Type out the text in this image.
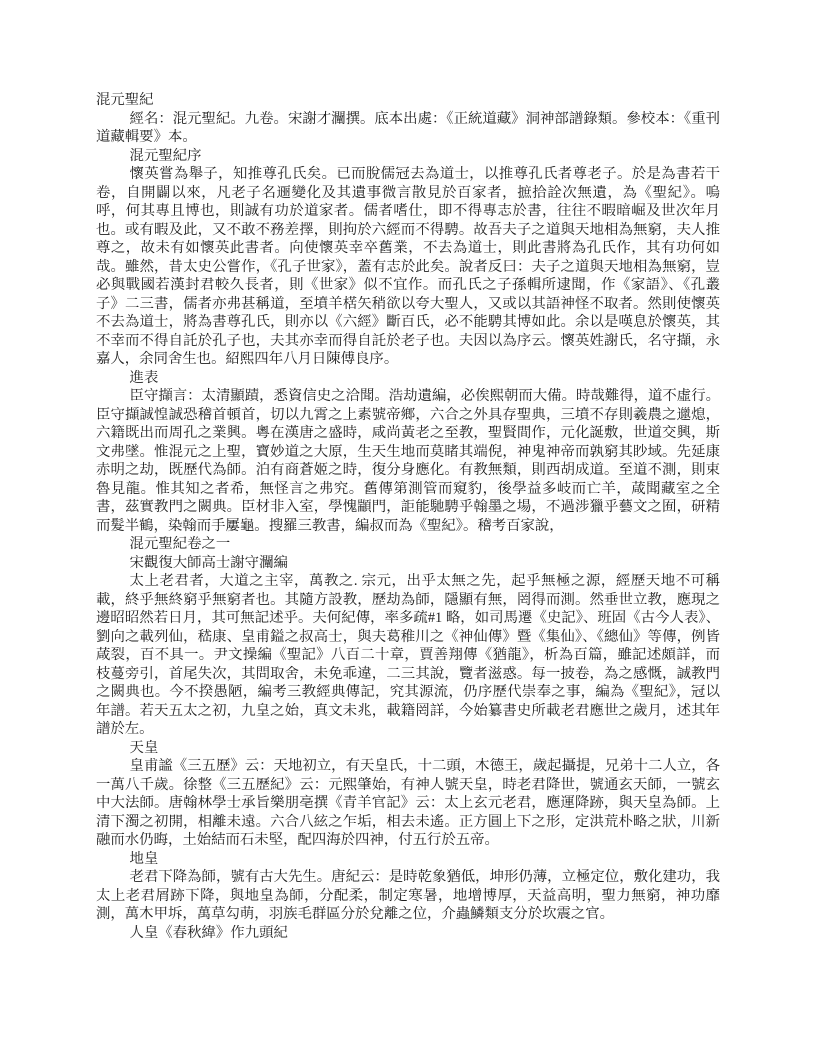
混元聖紀

經名：混元聖紀。九卷。宋謝才灛撰。底本出處：《正統道藏》洞神部譜錄類。參校本：《重刊道藏輯要》本。

混元聖紀序

懷英嘗為舉子，知推尊孔氏矣。已而脫儒冠去為道士，以推尊孔氏者尊老子。於是為書若干卷，自開闢以來，凡老子名逦變化及其遺事微言散見於百家者，摭拾詮次無遺，為《聖紀》。嗚呼，何其專且博也，則誠有功於道家者。儒者嗜仕，即不得專志於書，往往不暇暗崛及世次年月也。或有暇及此，又不敢不務差擇，則拘於六經而不得騁。故吾夫子之道與天地相為無窮，夫人推尊之，故未有如懷英此書者。向使懷英幸卒舊業，不去為道士，則此書將為孔氏作，其有功何如哉。雖然，昔太史公嘗作，《孔子世家》，蓋有志於此矣。說者反曰：夫子之道與天地相為無窮，豈必與戰國若漢封君較久長者，則《世家》似不宜作。而孔氏之子孫輯所逮聞，作《家語》、《孔叢子》二三書，儒者亦弗甚稱道，至墳羊楛矢稍欲以夸大聖人，又或以其語神怪不取者。然則使懷英不去為道士，將為書尊孔氏，則亦以《六經》斷百氏，必不能騁其博如此。余以是嘆息於懷英，其不幸而不得自託於孔子也，夫其亦幸而得自託於老子也。夫因以為序云。懷英姓謝氏，名守擷，永嘉人，余同舍生也。紹熙四年八月日陳傅良序。

進表

臣守擷言：太清顯蹟，悉資信史之洽聞。浩劫遺編，必俟熙朝而大備。時哉難得，道不虛行。臣守擷誠惶誠恐稽首頓首，切以九霄之上素號帝鄉，六合之外具存聖典，三墳不存則羲農之邋熄，六籍既出而周孔之業興。粵在漢唐之盛時，咸尚黃老之至教，聖賢間作，元化誕敷，世道交興，斯文弗墜。惟混元之上聖，寶妙道之大原，生天生地而莫睹其端倪，神鬼神帝而孰窮其眇域。先延康赤明之劫，既歷代為師。泊有商蒼姬之時，復分身應化。有教無類，則西胡成道。至道不測，則束魯見龍。惟其知之者希，無怪言之弗究。舊傳第測管而窺豹，後學益多岐而亡羊，葴聞藏室之全書，茲實教門之闕典。臣材非入室，學愧顓門，詎能馳騁乎翰墨之場，不過涉獵乎藝文之囿，研精而髮半鶴，染翰而手屢龜。搜羅三教書，編叔而為《聖紀》。稽考百家說，

混元聖紀卷之一

宋觀復大師高士謝守灛編

太上老君者，大道之主宰，萬教之. 宗元，出乎太無之先，起乎無極之源，經歷天地不可稱載，終乎無終窮乎無窮者也。其隨方設教，歷劫為師，隱顯有無，罔得而測。然垂世立教，應現之邊昭昭然若日月，其可無記述乎。夫何紀傳，率多疏#1 略，如司馬遷《史記》、班固《古今人表》、劉向之載列仙，嵇康、皇甫鎰之叔高士，與夫葛稚川之《神仙傳》暨《集仙》、《總仙》等傳，例皆葴裂，百不具一。尹文操編《聖記》八百二十章，賈善翔傳《猶龍》，析為百篇，雖記述頗詳，而枝蔓旁引，首尾失次，其問取舍，未免乖違，二三其說，覽者滋惑。每一披卷，為之感慨，誠教門之闕典也。今不揆愚陋，編考三教經典傳記，究其源流，仍序歷代崇奉之事，編為《聖紀》，冠以年譜。若天五太之初，九皇之始，真文未兆，載籍罔詳，今始纂書史所載老君應世之歲月，述其年譜於左。

天皇

皇甫謐《三五歷》云：天地初立，有天皇氏，十二頭，木德王，歲起攝提，兄弟十二人立，各一萬八千歲。徐整《三五歷紀》云：元熙肇始，有神人號天皇，時老君降世，號通玄天師，一號玄中大法師。唐翰林學士承旨樂朋亳撰《青羊官記》云：太上玄元老君，應運降跡，與天皇為師。上清下濁之初開，相離未遠。六合八絃之乍垢，相去未遙。正方圓上下之形，定洪荒朴略之狀，川新融而水仍晦，土始結而石未堅，配四海於四神，付五行於五帝。

地皇

老君下降為師，號有古大先生。唐紀云：是時乾象猶低，坤形仍薄，立極定位，敷化建功，我太上老君屑跡下降，與地皇為師，分配柔，制定寒暑，地增博厚，天益高明，聖力無窮，神功靡測，萬木甲坼，萬草勾萌，羽族毛群區分於兌離之位，介蟲鱗類支分於坎震之官。

人皇《春秋緯》作九頭紀
